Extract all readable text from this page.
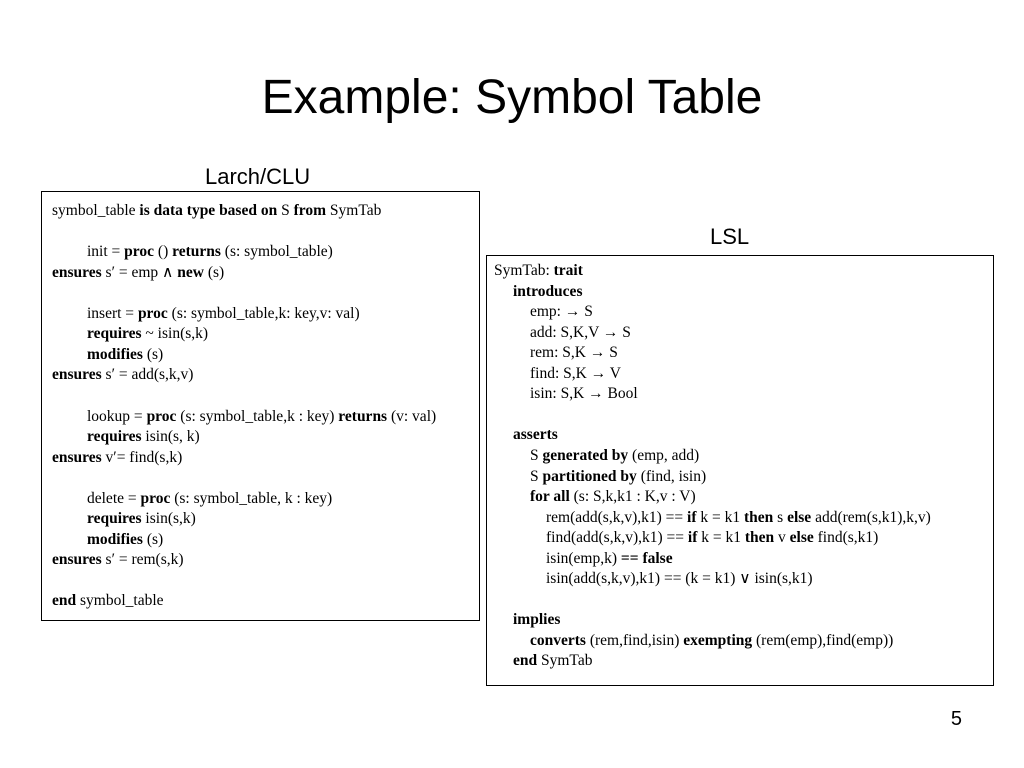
Example: Symbol Table
Larch/CLU
symbol_table is data type based on S from SymTab
init = proc () returns (s: symbol_table)
ensures s′ = emp ∧ new (s)
insert = proc (s: symbol_table,k: key,v: val)
requires ~ isin(s,k)
modifies (s)
ensures s′ = add(s,k,v)
lookup = proc (s: symbol_table,k : key) returns (v: val)
requires isin(s, k)
ensures v′= find(s,k)
delete = proc (s: symbol_table, k : key)
requires isin(s,k)
modifies (s)
ensures s′ = rem(s,k)
end symbol_table
LSL
SymTab: trait
introduces
emp: → S
add: S,K,V → S
rem: S,K → S
find: S,K → V
isin: S,K → Bool
asserts
S generated by (emp, add)
S partitioned by (find, isin)
for all (s: S,k,k1 : K,v : V)
rem(add(s,k,v),k1) == if k = k1 then s else add(rem(s,k1),k,v)
find(add(s,k,v),k1) == if k = k1 then v else find(s,k1)
isin(emp,k) == false
isin(add(s,k,v),k1) == (k = k1) ∨ isin(s,k1)
implies
converts (rem,find,isin) exempting (rem(emp),find(emp))
end SymTab
5
